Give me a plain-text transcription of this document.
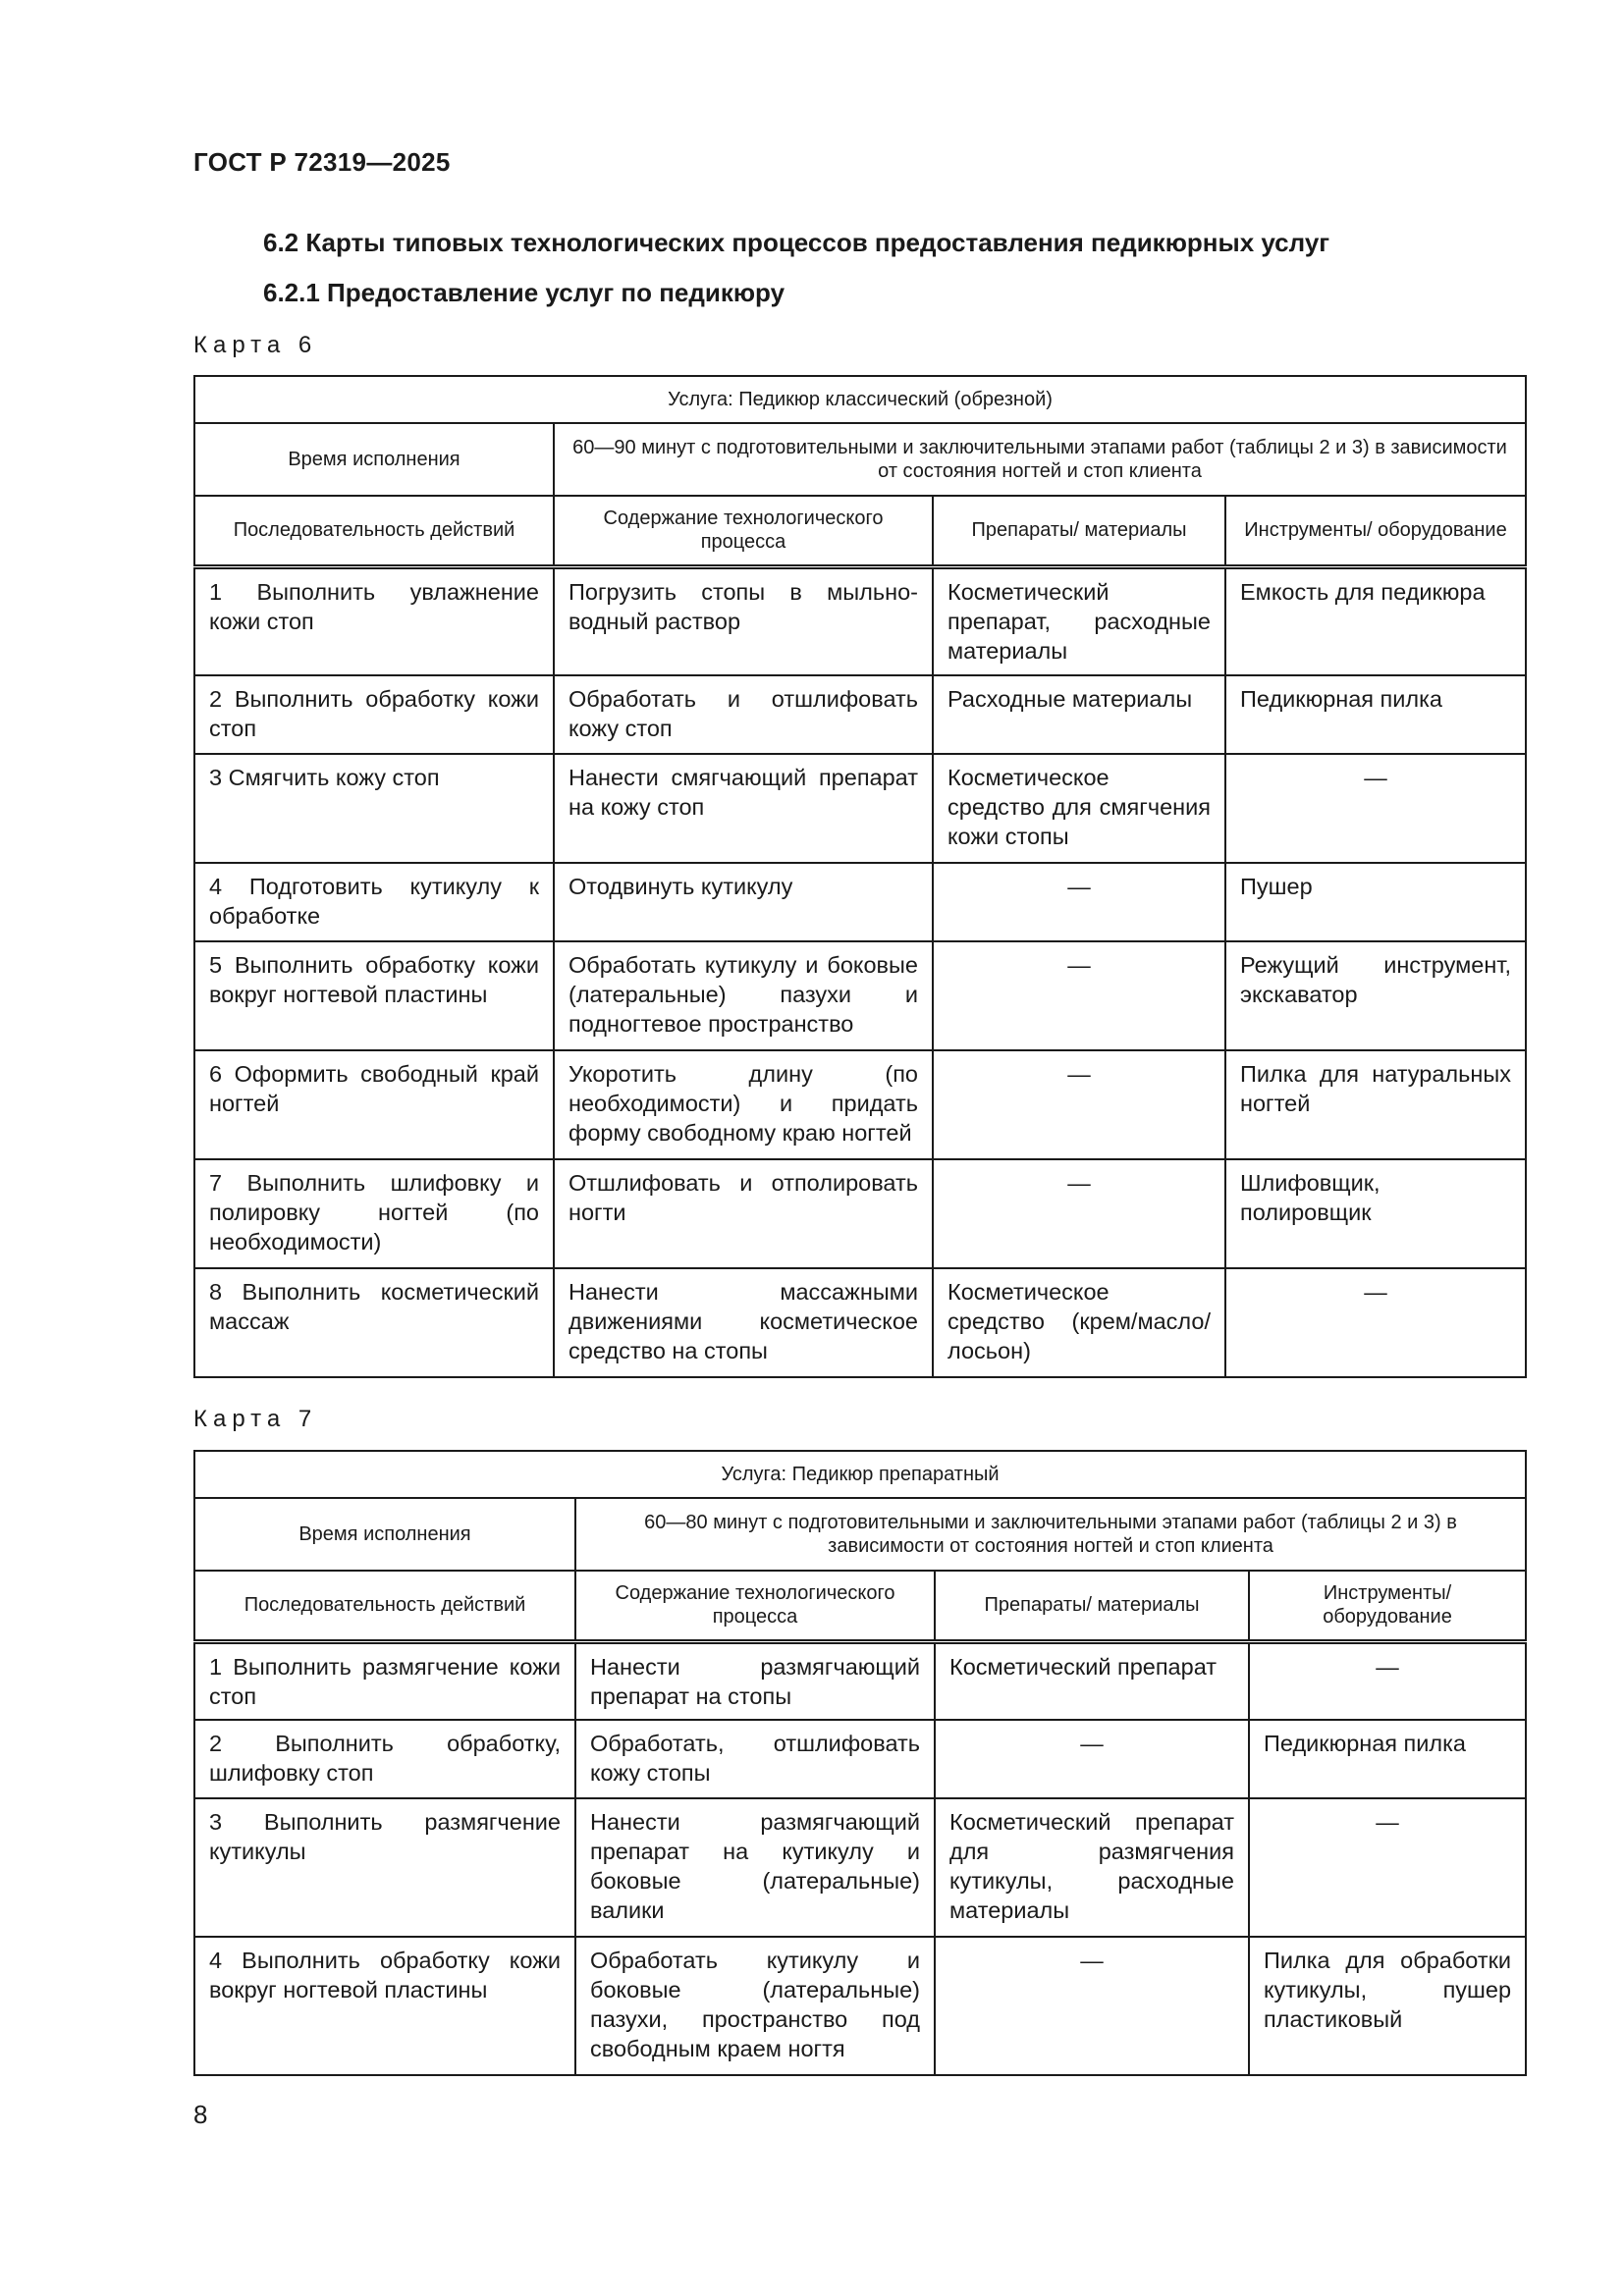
ГОСТ Р 72319—2025
6.2 Карты типовых технологических процессов предоставления педикюрных услуг
6.2.1 Предоставление услуг по педикюру
Карта 6
Услуга: Педикюр классический (обрезной)			
Время исполнения	60—90 минут с подготовительными и заключительными этапами работ (таблицы 2 и 3) в зависимости от состояния ногтей и стоп клиента		
Последовательность действий	Содержание технологического процесса	Препараты/ материалы	Инструменты/ оборудование
1 Выполнить увлажнение кожи стоп	Погрузить стопы в мыльно-водный раствор	Косметический препарат, расходные материалы	Емкость для педикюра
2 Выполнить обработку кожи стоп	Обработать и отшлифовать кожу стоп	Расходные материалы	Педикюрная пилка
3 Смягчить кожу стоп	Нанести смягчающий препарат на кожу стоп	Косметическое средство для смягчения кожи стопы	—
4 Подготовить кутикулу к обработке	Отодвинуть кутикулу	—	Пушер
5 Выполнить обработку кожи вокруг ногтевой пластины	Обработать кутикулу и боковые (латеральные) пазухи и подногтевое пространство	—	Режущий инструмент, экскаватор
6 Оформить свободный край ногтей	Укоротить длину (по необходимости) и придать форму свободному краю ногтей	—	Пилка для натуральных ногтей
7 Выполнить шлифовку и полировку ногтей (по необходимости)	Отшлифовать и отполировать ногти	—	Шлифовщик, полировщик
8 Выполнить косметический массаж	Нанести массажными движениями косметическое средство на стопы	Косметическое средство (крем/масло/лосьон)	—
Карта 7
Услуга: Педикюр препаратный			
Время исполнения	60—80 минут с подготовительными и заключительными этапами работ (таблицы 2 и 3) в зависимости от состояния ногтей и стоп клиента		
Последовательность действий	Содержание технологического процесса	Препараты/ материалы	Инструменты/ оборудование
1 Выполнить размягчение кожи стоп	Нанести размягчающий препарат на стопы	Косметический препарат	—
2 Выполнить обработку, шлифовку стоп	Обработать, отшлифовать кожу стопы	—	Педикюрная пилка
3 Выполнить размягчение кутикулы	Нанести размягчающий препарат на кутикулу и боковые (латеральные) валики	Косметический препарат для размягчения кутикулы, расходные материалы	—
4 Выполнить обработку кожи вокруг ногтевой пластины	Обработать кутикулу и боковые (латеральные) пазухи, пространство под свободным краем ногтя	—	Пилка для обработки кутикулы, пушер пластиковый
8
